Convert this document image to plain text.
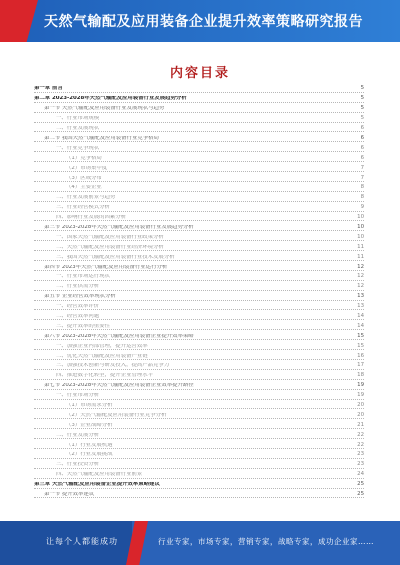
天然气输配及应用装备企业提升效率策略研究报告
内容目录
第一章 前言	5
第二章 2023-2028年天然气输配及应用装备行业发展趋势分析	5
第一节 天然气输配及应用装备行业发展现状与趋势	5
一、行业市场规模	5
二、行业发展现状	6
第二节 我国天然气输配及应用装备行业竞争格局	6
一、行业竞争现状	6
（1）竞争格局	6
（2）市场集中度	7
（3）区域分布	7
（4）主要企业	8
二、行业发展前景与趋势	8
三、行业经营模式分析	9
四、影响行业发展的因素分析	10
第三节 2023-2028年天然气输配及应用装备行业发展趋势分析	10
一、国家天然气输配及应用装备行业政策分析	10
二、天然气输配及应用装备行业经济环境分析	11
三、我国天然气输配及应用装备行业技术发展分析	11
第四节 2023年天然气输配及应用装备行业运行分析	12
一、行业市场运行现状	12
二、行业供需分析	12
第五节 企业经营效率现状分析	13
一、经营效率评价	13
二、经营效率问题	14
三、提升效率的重要性	14
第六节 2023-2028年天然气输配及应用装备企业提升效率策略	15
一、加强企业内部管理，提升运营效率	15
二、优化天然气输配及应用装备产业链	16
三、加强技术创新与研发投入，提高产品竞争力	17
四、推进数字化转型，提升企业管理水平	18
第七节 2023-2028年天然气输配及应用装备企业效率提升路径	19
一、行业市场分析	19
（1）市场需求分析	20
（2）天然气输配及应用装备行业竞争分析	20
（3）企业战略分析	21
二、行业发展分析	22
（1）行业发展机遇	22
（2）行业发展挑战	23
三、行业投资分析	23
四、天然气输配及应用装备行业前景	24
第三章 天然气输配及应用装备企业提升效率策略建议	25
第一节 提升效率建议	25
让每个人都能成功	行业专家，市场专家，营销专家，战略专家，成功企业家……
